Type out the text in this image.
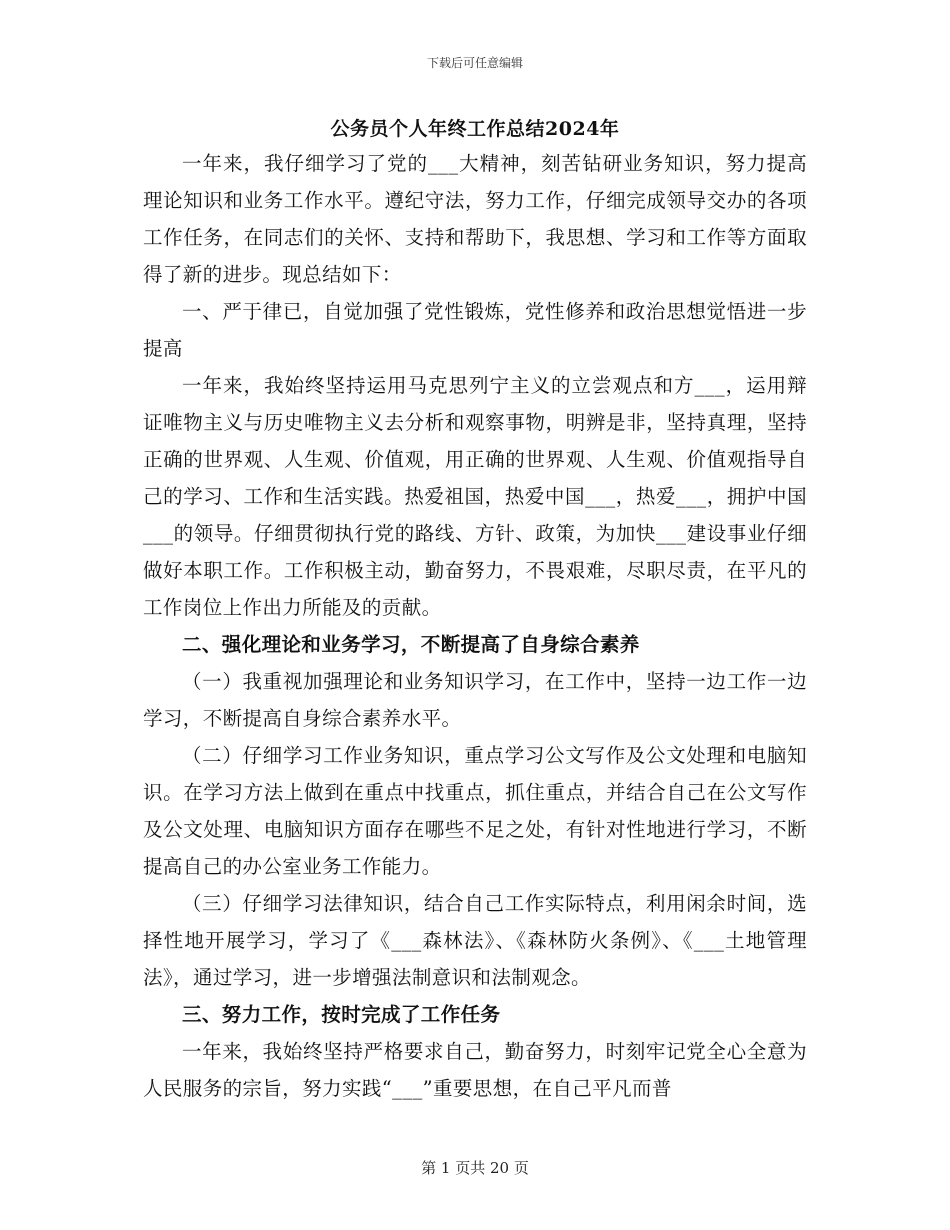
下载后可任意编辑
公务员个人年终工作总结2024年

一年来，我仔细学习了党的___大精神，刻苦钻研业务知识，努力提高理论知识和业务工作水平。遵纪守法，努力工作，仔细完成领导交办的各项工作任务，在同志们的关怀、支持和帮助下，我思想、学习和工作等方面取得了新的进步。现总结如下：

一、严于律已，自觉加强了党性锻炼，党性修养和政治思想觉悟进一步提高

一年来，我始终坚持运用马克思列宁主义的立尝观点和方___，运用辩证唯物主义与历史唯物主义去分析和观察事物，明辨是非，坚持真理，坚持正确的世界观、人生观、价值观，用正确的世界观、人生观、价值观指导自己的学习、工作和生活实践。热爱祖国，热爱中国___，热爱___，拥护中国___的领导。仔细贯彻执行党的路线、方针、政策，为加快___建设事业仔细做好本职工作。工作积极主动，勤奋努力，不畏艰难，尽职尽责，在平凡的工作岗位上作出力所能及的贡献。

二、强化理论和业务学习，不断提高了自身综合素养

（一）我重视加强理论和业务知识学习，在工作中，坚持一边工作一边学习，不断提高自身综合素养水平。

（二）仔细学习工作业务知识，重点学习公文写作及公文处理和电脑知识。在学习方法上做到在重点中找重点，抓住重点，并结合自己在公文写作及公文处理、电脑知识方面存在哪些不足之处，有针对性地进行学习，不断提高自己的办公室业务工作能力。

（三）仔细学习法律知识，结合自己工作实际特点，利用闲余时间，选择性地开展学习，学习了《___森林法》、《森林防火条例》、《___土地管理法》，通过学习，进一步增强法制意识和法制观念。

三、努力工作，按时完成了工作任务

一年来，我始终坚持严格要求自己，勤奋努力，时刻牢记党全心全意为人民服务的宗旨，努力实践“___”重要思想，在自己平凡而普

第 1 页共 20 页
